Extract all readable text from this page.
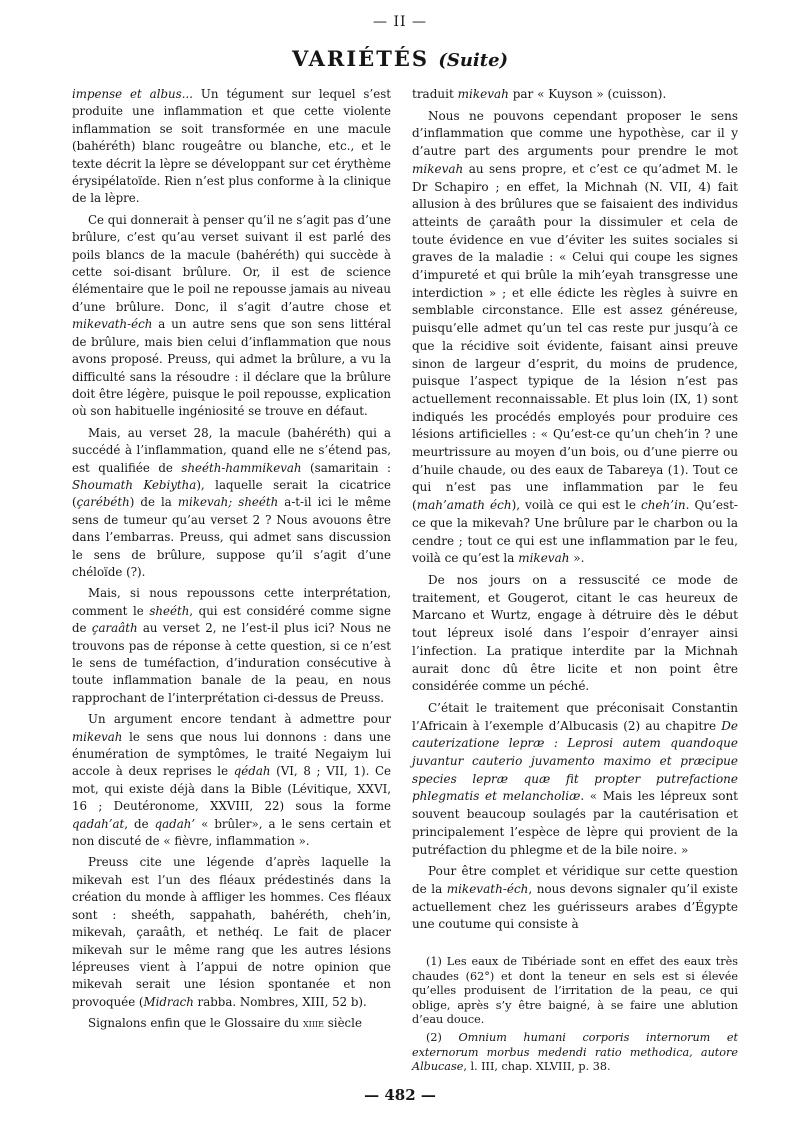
— II —
VARIÉTÉS (Suite)

impense et albus... Un tégument sur lequel s’est produite une inflammation et que cette violente inflammation se soit transformée en une macule (bahéréth) blanc rougeâtre ou blanche, etc., et le texte décrit la lèpre se développant sur cet érythème érysipélatoïde. Rien n’est plus conforme à la clinique de la lèpre.

Ce qui donnerait à penser qu’il ne s’agit pas d’une brûlure, c’est qu’au verset suivant il est parlé des poils blancs de la macule (bahéréth) qui succède à cette soi-disant brûlure. Or, il est de science élémentaire que le poil ne repousse jamais au niveau d’une brûlure. Donc, il s’agit d’autre chose et mikevath-éch a un autre sens que son sens littéral de brûlure, mais bien celui d’inflammation que nous avons proposé. Preuss, qui admet la brûlure, a vu la difficulté sans la résoudre : il déclare que la brûlure doit être légère, puisque le poil repousse, explication où son habituelle ingéniosité se trouve en défaut.

Mais, au verset 28, la macule (bahéréth) qui a succédé à l’inflammation, quand elle ne s’étend pas, est qualifiée de sheéth-hammikevah (samaritain : Shoumath Kebiytha), laquelle serait la cicatrice (çarébéth) de la mikevah; sheéth a-t-il ici le même sens de tumeur qu’au verset 2 ? Nous avouons être dans l’embarras. Preuss, qui admet sans discussion le sens de brûlure, suppose qu’il s’agit d’une chéloïde (?).

Mais, si nous repoussons cette interprétation, comment le sheéth, qui est considéré comme signe de çaraâth au verset 2, ne l’est-il plus ici? Nous ne trouvons pas de réponse à cette question, si ce n’est le sens de tuméfaction, d’induration consécutive à toute inflammation banale de la peau, en nous rapprochant de l’interprétation ci-dessus de Preuss.

Un argument encore tendant à admettre pour mikevah le sens que nous lui donnons : dans une énumération de symptômes, le traité Negaiym lui accole à deux reprises le qédah (VI, 8 ; VII, 1). Ce mot, qui existe déjà dans la Bible (Lévitique, XXVI, 16 ; Deutéronome, XXVIII, 22) sous la forme qadah’at, de qadah’ « brûler», a le sens certain et non discuté de « fièvre, inflammation ».

Preuss cite une légende d’après laquelle la mikevah est l’un des fléaux prédestinés dans la création du monde à affliger les hommes. Ces fléaux sont : sheéth, sappahath, bahéréth, cheh’in, mikevah, çaraâth, et nethéq. Le fait de placer mikevah sur le même rang que les autres lésions lépreuses vient à l’appui de notre opinion que mikevah serait une lésion spontanée et non provoquée (Midrach rabba. Nombres, XIII, 52 b).

Signalons enfin que le Glossaire du xiiie siècle

traduit mikevah par « Kuyson » (cuisson).

Nous ne pouvons cependant proposer le sens d’inflammation que comme une hypothèse, car il y d’autre part des arguments pour prendre le mot mikevah au sens propre, et c’est ce qu’admet M. le Dr Schapiro ; en effet, la Michnah (N. VII, 4) fait allusion à des brûlures que se faisaient des individus atteints de çaraâth pour la dissimuler et cela de toute évidence en vue d’éviter les suites sociales si graves de la maladie : « Celui qui coupe les signes d’impureté et qui brûle la mih’eyah transgresse une interdiction » ; et elle édicte les règles à suivre en semblable circonstance. Elle est assez généreuse, puisqu’elle admet qu’un tel cas reste pur jusqu’à ce que la récidive soit évidente, faisant ainsi preuve sinon de largeur d’esprit, du moins de prudence, puisque l’aspect typique de la lésion n’est pas actuellement reconnaissable. Et plus loin (IX, 1) sont indiqués les procédés employés pour produire ces lésions artificielles : « Qu’est-ce qu’un cheh’in ? une meurtrissure au moyen d’un bois, ou d’une pierre ou d’huile chaude, ou des eaux de Tabareya (1). Tout ce qui n’est pas une inflammation par le feu (mah’amath éch), voilà ce qui est le cheh’in. Qu’est-ce que la mikevah? Une brûlure par le charbon ou la cendre ; tout ce qui est une inflammation par le feu, voilà ce qu’est la mikevah ».

De nos jours on a ressuscité ce mode de traitement, et Gougerot, citant le cas heureux de Marcano et Wurtz, engage à détruire dès le début tout lépreux isolé dans l’espoir d’enrayer ainsi l’infection. La pratique interdite par la Michnah aurait donc dû être licite et non point être considérée comme un péché.

C’était le traitement que préconisait Constantin l’Africain à l’exemple d’Albucasis (2) au chapitre De cauterizatione lepræ : Leprosi autem quandoque juvantur cauterio juvamento maximo et præcipue species lepræ quæ fit propter putrefactione phlegmatis et melancholiæ. « Mais les lépreux sont souvent beaucoup soulagés par la cautérisation et principalement l’espèce de lèpre qui provient de la putréfaction du phlegme et de la bile noire. »

Pour être complet et véridique sur cette question de la mikevath-éch, nous devons signaler qu’il existe actuellement chez les guérisseurs arabes d’Égypte une coutume qui consiste à

(1) Les eaux de Tibériade sont en effet des eaux très chaudes (62°) et dont la teneur en sels est si élevée qu’elles produisent de l’irritation de la peau, ce qui oblige, après s’y être baigné, à se faire une ablution d’eau douce.

(2) Omnium humani corporis internorum et externorum morbus medendi ratio methodica, autore Albucase, l. III, chap. XLVIII, p. 38.

— 482 —
